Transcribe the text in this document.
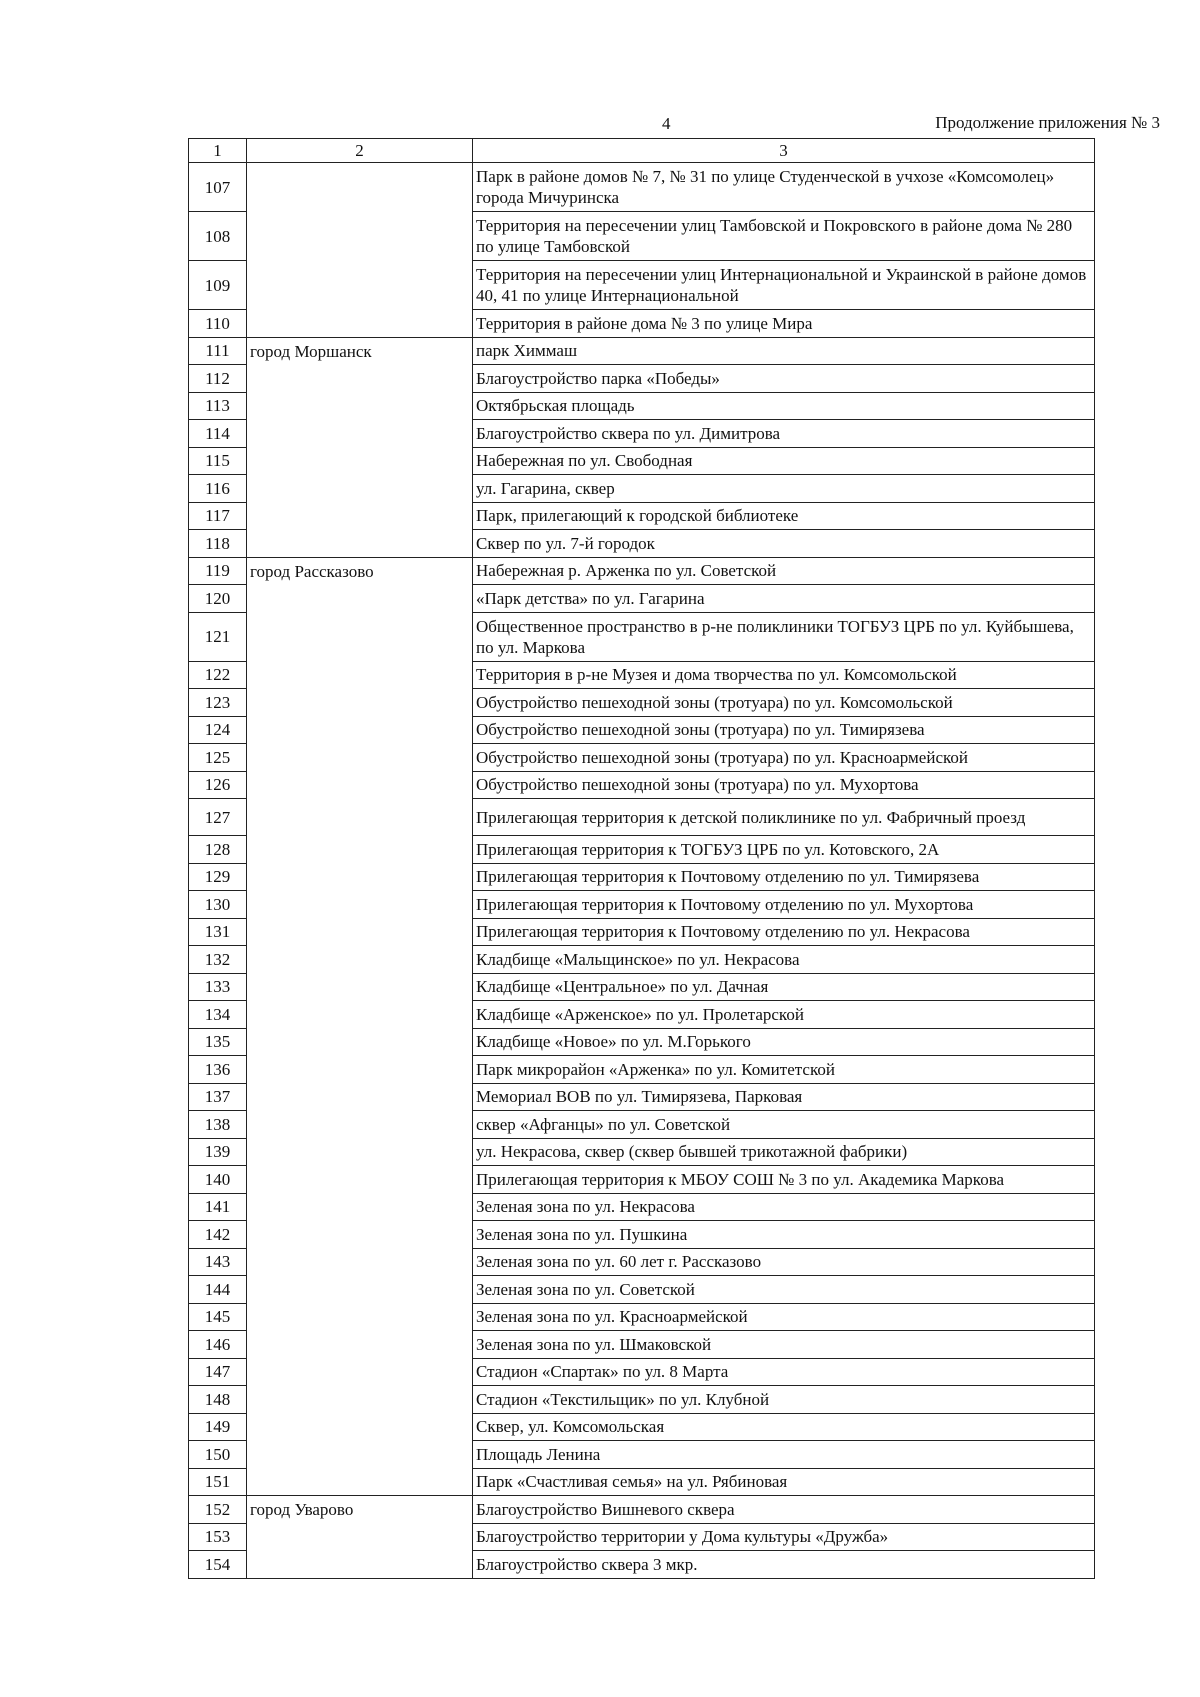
4	Продолжение приложения № 3
1	2	3
107		Парк в районе домов № 7, № 31 по улице Студенческой в учхозе «Комсомолец» города Мичуринска
108		Территория на пересечении улиц Тамбовской и Покровского в районе дома № 280 по улице Тамбовской
109		Территория на пересечении улиц Интернациональной и Украинской в районе домов 40, 41 по улице Интернациональной
110		Территория в районе дома № 3 по улице Мира
111	город Моршанск	парк Химмаш
112		Благоустройство парка «Победы»
113		Октябрьская площадь
114		Благоустройство сквера по ул. Димитрова
115		Набережная по ул. Свободная
116		ул. Гагарина, сквер
117		Парк, прилегающий к городской библиотеке
118		Сквер по ул. 7-й городок
119	город Рассказово	Набережная р. Арженка по ул. Советской
120		«Парк детства» по ул. Гагарина
121		Общественное пространство в р-не поликлиники ТОГБУЗ ЦРБ по ул. Куйбышева, по ул. Маркова
122		Территория в р-не Музея и дома творчества по ул. Комсомольской
123		Обустройство пешеходной зоны (тротуара) по ул. Комсомольской
124		Обустройство пешеходной зоны (тротуара) по ул. Тимирязева
125		Обустройство пешеходной зоны (тротуара) по ул. Красноармейской
126		Обустройство пешеходной зоны (тротуара) по ул. Мухортова
127		Прилегающая территория к детской поликлинике по ул. Фабричный проезд
128		Прилегающая территория к ТОГБУЗ ЦРБ по ул. Котовского, 2А
129		Прилегающая территория к Почтовому отделению по ул. Тимирязева
130		Прилегающая территория к Почтовому отделению по ул. Мухортова
131		Прилегающая территория к Почтовому отделению по ул. Некрасова
132		Кладбище «Мальщинское» по ул. Некрасова
133		Кладбище «Центральное» по ул. Дачная
134		Кладбище «Арженское» по ул. Пролетарской
135		Кладбище «Новое» по ул. М.Горького
136		Парк микрорайон «Арженка» по ул. Комитетской
137		Мемориал ВОВ по ул. Тимирязева, Парковая
138		сквер «Афганцы» по ул. Советской
139		ул. Некрасова, сквер (сквер бывшей трикотажной фабрики)
140		Прилегающая территория к МБОУ СОШ № 3 по ул. Академика Маркова
141		Зеленая зона по ул. Некрасова
142		Зеленая зона по ул. Пушкина
143		Зеленая зона по ул. 60 лет г. Рассказово
144		Зеленая зона по ул. Советской
145		Зеленая зона по ул. Красноармейской
146		Зеленая зона по ул. Шмаковской
147		Стадион «Спартак» по ул. 8 Марта
148		Стадион «Текстильщик» по ул. Клубной
149		Сквер, ул. Комсомольская
150		Площадь Ленина
151		Парк «Счастливая семья» на ул. Рябиновая
152	город Уварово	Благоустройство Вишневого сквера
153		Благоустройство территории у Дома культуры «Дружба»
154		Благоустройство сквера 3 мкр.
